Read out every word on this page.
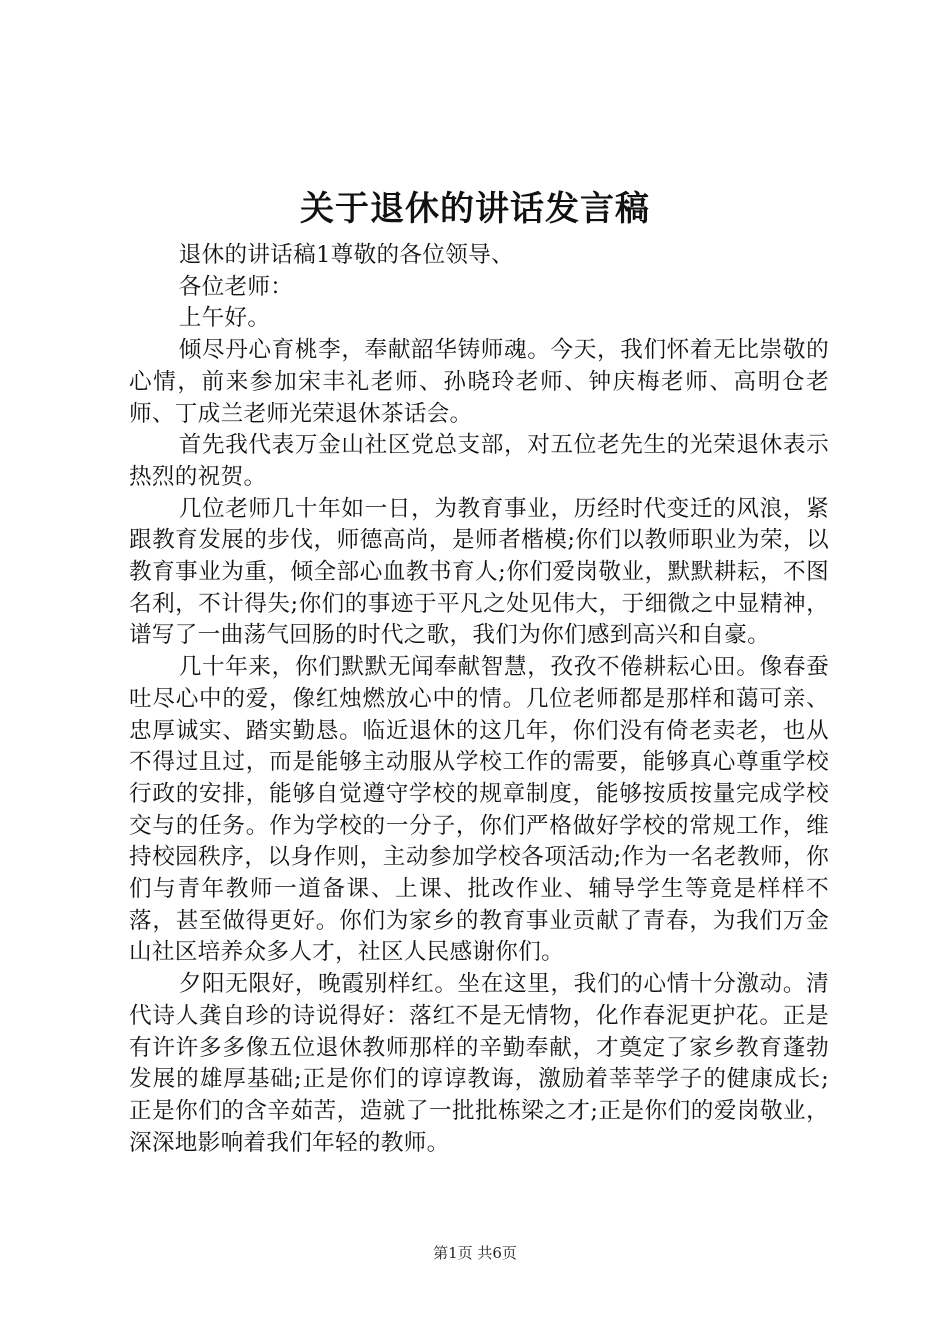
关于退休的讲话发言稿

退休的讲话稿1尊敬的各位领导、

各位老师：

上午好。

倾尽丹心育桃李，奉献韶华铸师魂。今天，我们怀着无比崇敬的心情，前来参加宋丰礼老师、孙晓玲老师、钟庆梅老师、高明仓老师、丁成兰老师光荣退休茶话会。

首先我代表万金山社区党总支部，对五位老先生的光荣退休表示热烈的祝贺。

几位老师几十年如一日，为教育事业，历经时代变迁的风浪，紧跟教育发展的步伐，师德高尚，是师者楷模;你们以教师职业为荣，以教育事业为重，倾全部心血教书育人;你们爱岗敬业，默默耕耘，不图名利，不计得失;你们的事迹于平凡之处见伟大，于细微之中显精神，谱写了一曲荡气回肠的时代之歌，我们为你们感到高兴和自豪。

几十年来，你们默默无闻奉献智慧，孜孜不倦耕耘心田。像春蚕吐尽心中的爱，像红烛燃放心中的情。几位老师都是那样和蔼可亲、忠厚诚实、踏实勤恳。临近退休的这几年，你们没有倚老卖老，也从不得过且过，而是能够主动服从学校工作的需要，能够真心尊重学校行政的安排，能够自觉遵守学校的规章制度，能够按质按量完成学校交与的任务。作为学校的一分子，你们严格做好学校的常规工作，维持校园秩序，以身作则，主动参加学校各项活动;作为一名老教师，你们与青年教师一道备课、上课、批改作业、辅导学生等竟是样样不落，甚至做得更好。你们为家乡的教育事业贡献了青春，为我们万金山社区培养众多人才，社区人民感谢你们。

夕阳无限好，晚霞别样红。坐在这里，我们的心情十分激动。清代诗人龚自珍的诗说得好：落红不是无情物，化作春泥更护花。正是有许许多多像五位退休教师那样的辛勤奉献，才奠定了家乡教育蓬勃发展的雄厚基础;正是你们的谆谆教诲，激励着莘莘学子的健康成长;正是你们的含辛茹苦，造就了一批批栋梁之才;正是你们的爱岗敬业，深深地影响着我们年轻的教师。

第1页 共6页
